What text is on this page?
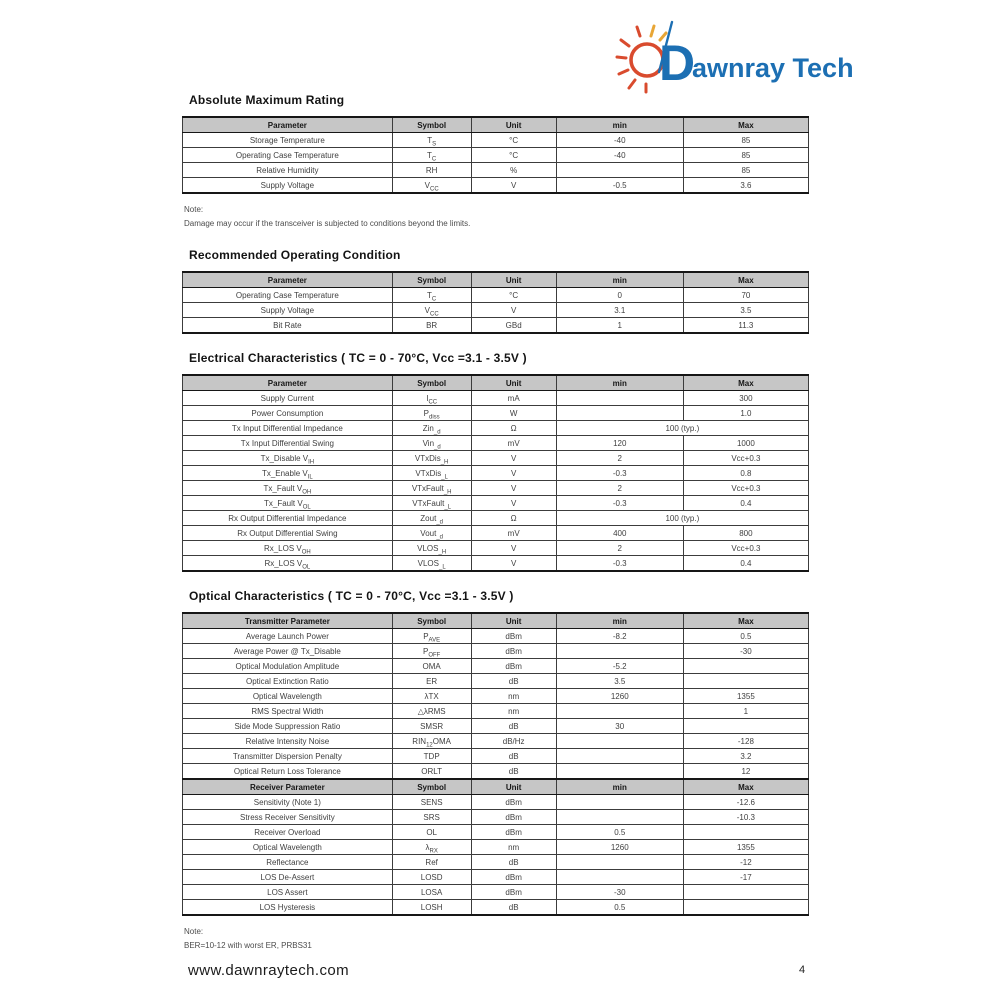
D
awnray Tech
Absolute Maximum Rating
Parameter	Symbol	Unit	min	Max
Storage Temperature	$T_S$	°C	-40	85
Operating Case Temperature	$T_C$	°C	-40	85
Relative Humidity	RH	%		85
Supply Voltage	$V_{CC}$	V	-0.5	3.6

Note:

Damage may occur if the transceiver is subjected to conditions beyond the limits.

Recommended Operating Condition
Parameter	Symbol	Unit	min	Max
Operating Case Temperature	$T_C$	°C	0	70
Supply Voltage	$V_{CC}$	V	3.1	3.5
Bit Rate	BR	GBd	1	11.3
Electrical Characteristics ( TC = 0 - 70°C, Vcc =3.1 - 3.5V )
Parameter	Symbol	Unit	min	Max
Supply Current	$I_{CC}$	mA		300
Power Consumption	$P_{diss}$	W		1.0
Tx Input Differential Impedance	Zin$_{\_d}$	Ω	100 (typ.)	
Tx Input Differential Swing	Vin$_{\_d}$	mV	120	1000
Tx_Disable $V_{IH}$	VTxDis$_{\_H}$	V	2	Vcc+0.3
Tx_Enable $V_{IL}$	VTxDis$_{\_L}$	V	-0.3	0.8
Tx_Fault $V_{OH}$	VTxFault$_{\_H}$	V	2	Vcc+0.3
Tx_Fault $V_{OL}$	VTxFault$_{\_L}$	V	-0.3	0.4
Rx Output Differential Impedance	Zout$_{\_d}$	Ω	100 (typ.)	
Rx Output Differential Swing	Vout$_{\_d}$	mV	400	800
Rx_LOS $V_{OH}$	$VLOS_{\_H}$	V	2	Vcc+0.3
Rx_LOS $V_{OL}$	$VLOS_{\_L}$	V	-0.3	0.4
Optical Characteristics ( TC = 0 - 70°C, Vcc =3.1 - 3.5V )
Transmitter Parameter	Symbol	Unit	min	Max
Average Launch Power	$P_{AVE}$	dBm	-8.2	0.5
Average Power @ Tx_Disable	$P_{OFF}$	dBm		-30
Optical Modulation Amplitude	OMA	dBm	-5.2	
Optical Extinction Ratio	ER	dB	3.5	
Optical Wavelength	λTX	nm	1260	1355
RMS Spectral Width	△λRMS	nm		1
Side Mode Suppression Ratio	SMSR	dB	30	
Relative Intensity Noise	$RIN_{12}OMA$	dB/Hz		-128
Transmitter Dispersion Penalty	TDP	dB		3.2
Optical Return Loss Tolerance	ORLT	dB		12
Receiver Parameter	Symbol	Unit	min	Max
Sensitivity (Note 1)	SENS	dBm		-12.6
Stress Receiver Sensitivity	SRS	dBm		-10.3
Receiver Overload	OL	dBm	0.5	
Optical Wavelength	$\lambda_{RX}$	nm	1260	1355
Reflectance	Ref	dB		-12
LOS De-Assert	LOSD	dBm		-17
LOS Assert	LOSA	dBm	-30	
LOS Hysteresis	LOSH	dB	0.5	

Note:

BER=10-12 with worst ER, PRBS31

www.dawnraytech.com	4
